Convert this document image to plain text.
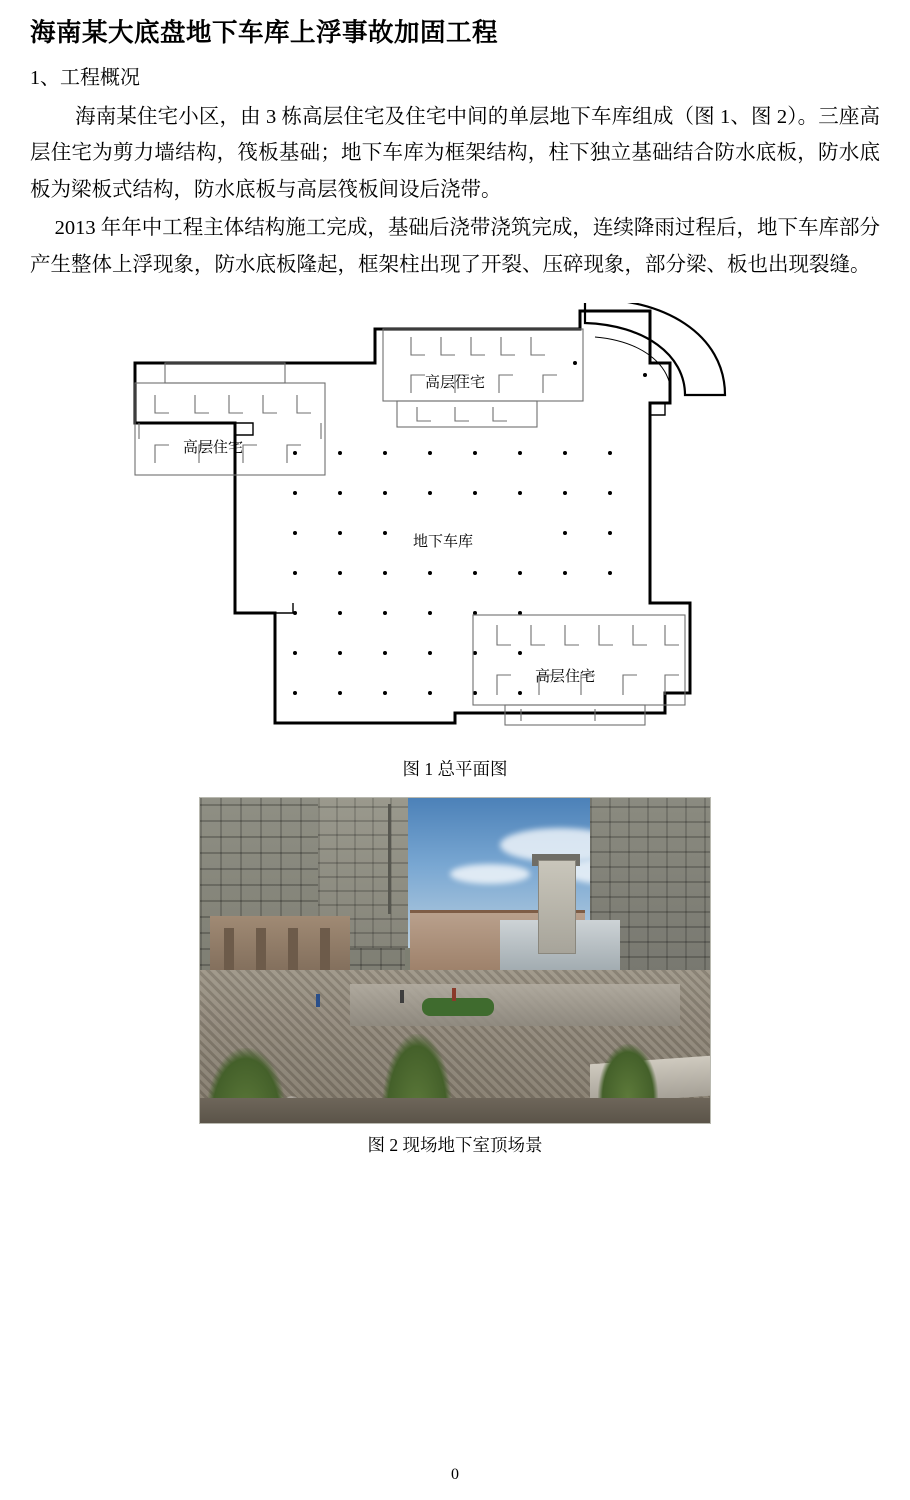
海南某大底盘地下车库上浮事故加固工程
1、工程概况

海南某住宅小区，由 3 栋高层住宅及住宅中间的单层地下车库组成（图 1、图 2）。三座高层住宅为剪力墙结构，筏板基础；地下车库为框架结构，柱下独立基础结合防水底板，防水底板为梁板式结构，防水底板与高层筏板间设后浇带。

2013 年年中工程主体结构施工完成，基础后浇带浇筑完成，连续降雨过程后，地下车库部分产生整体上浮现象，防水底板隆起，框架柱出现了开裂、压碎现象，部分梁、板也出现裂缝。

高层住宅
高层住宅
高层住宅
地下车库
图 1 总平面图
图 2 现场地下室顶场景
0
